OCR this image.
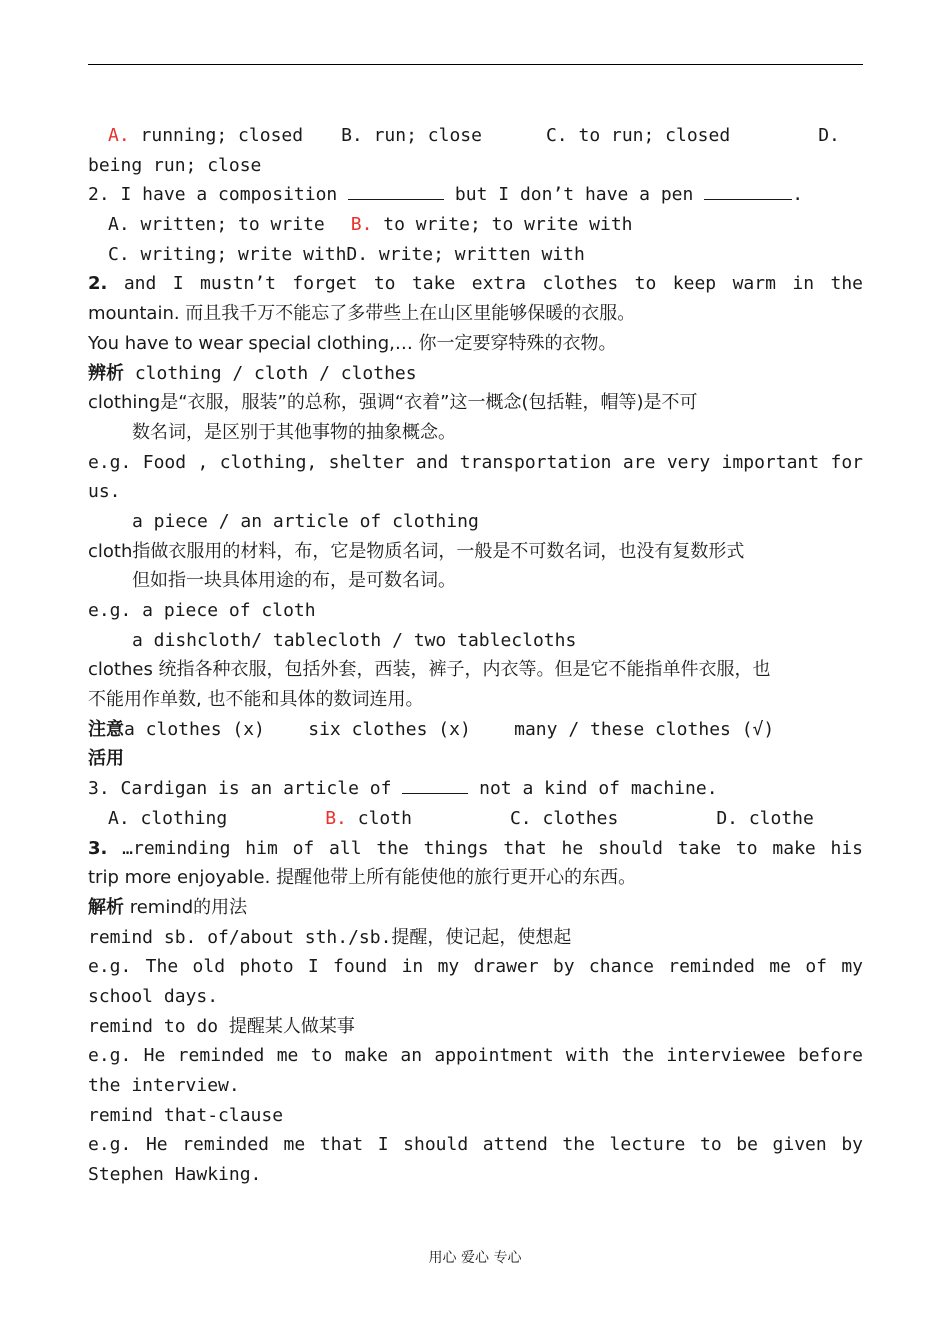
A. running; closed B. run; close	C. to run; closed	D.
being run; close
2. I have a composition	but I don’t have a pen	.
A. written; to write B. to write; to write with
C. writing; write withD. write; written with
2. and I mustn’t forget to take extra clothes to keep warm in the
mountain. 而且我千万不能忘了多带些上在山区里能够保暖的衣服。
You have to wear special clothing,… 你一定要穿特殊的衣物。
辨析 clothing / cloth / clothes
clothing是“衣服，服装”的总称，强调“衣着”这一概念(包括鞋，帽等)是不可
数名词，是区别于其他事物的抽象概念。
e.g. Food , clothing, shelter and transportation are very important for
us.
a piece / an article of clothing
cloth指做衣服用的材料，布，它是物质名词，一般是不可数名词，也没有复数形式
但如指一块具体用途的布，是可数名词。
e.g. a piece of cloth
a dishcloth/ tablecloth / two tablecloths
clothes 统指各种衣服，包括外套，西装，裤子，内衣等。但是它不能指单件衣服，也
不能用作单数, 也不能和具体的数词连用。
注意a clothes (x)    six clothes (x)    many / these clothes (√)
活用
3. Cardigan is an article of	not a kind of machine.
A. clothing	B. cloth	C. clothes	D. clothe
3. …reminding him of all the things that he should take to make his
trip more enjoyable. 提醒他带上所有能使他的旅行更开心的东西。
解析 remind的用法
remind sb. of/about sth./sb.提醒，使记起，使想起
e.g. The old photo I found in my drawer by chance reminded me of my
school days.
remind to do 提醒某人做某事
e.g. He reminded me to make an appointment with the interviewee before
the interview.
remind that-clause
e.g. He reminded me that I should attend the lecture to be given by
Stephen Hawking.
用心 爱心 专心
